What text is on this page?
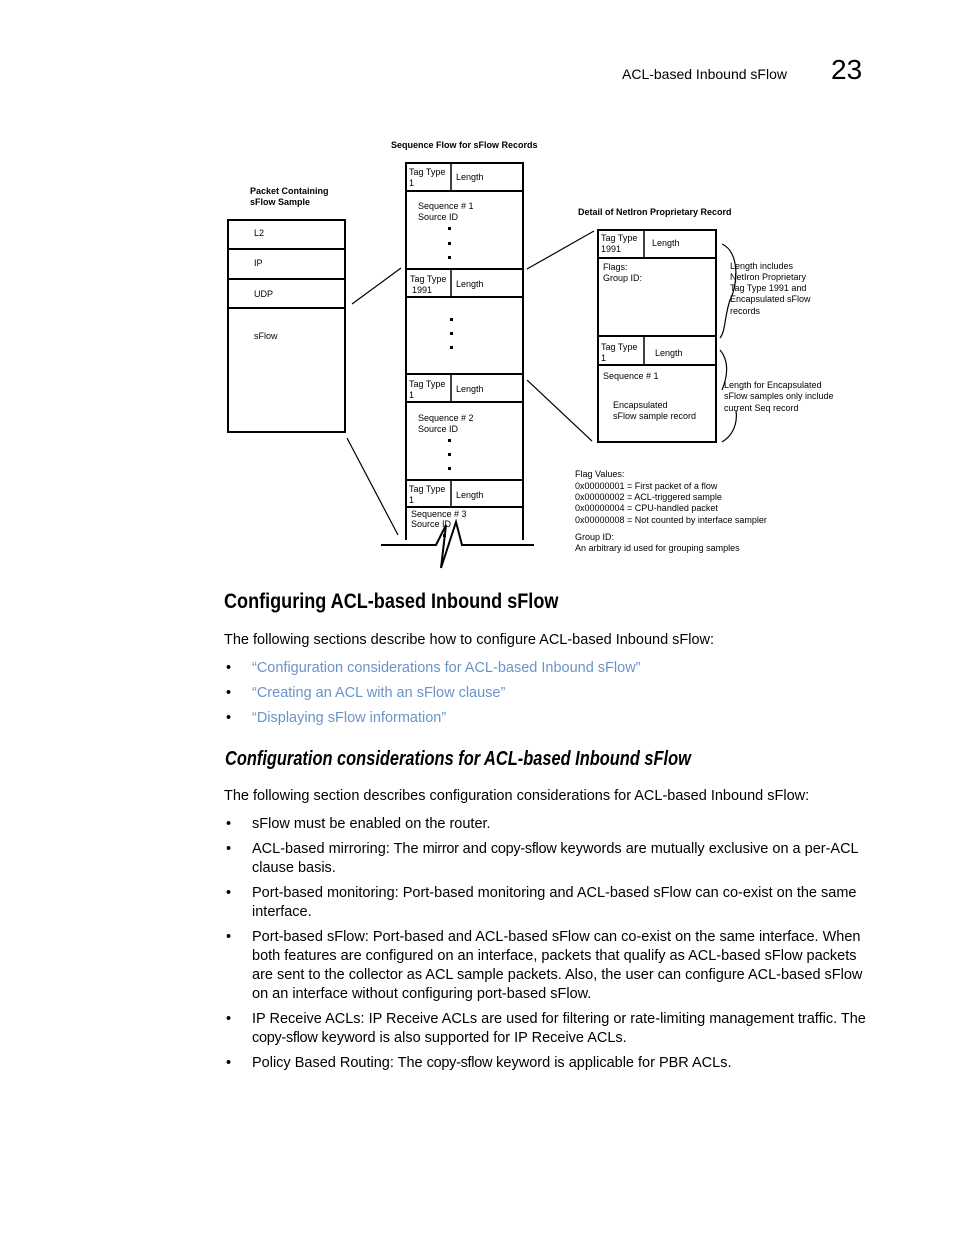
ACL-based Inbound sFlow 23
Sequence Flow for sFlow Records
Packet Containing
sFlow Sample
L2
IP
UDP
sFlow
Tag Type
1
Length
Sequence # 1
Source ID
Tag Type
1991
Length
Tag Type
1
Length
Sequence # 2
Source ID
Tag Type
1	Length
Sequence # 3
Source ID
Detail of NetIron Proprietary Record
Tag Type
1991
Length
Flags:
Group ID:
Tag Type
1	Length
Sequence # 1
Encapsulated
sFlow sample record
Length includes
NetIron Proprietary
Tag Type 1991 and
Encapsulated sFlow
records
Length for Encapsulated
sFlow samples only include
current Seq record
Flag Values:
0x00000001 = First packet of a flow
0x00000002 = ACL-triggered sample
0x00000004 = CPU-handled packet
0x00000008 = Not counted by interface sampler
Group ID:
An arbitrary id used for grouping samples
Configuring ACL-based Inbound sFlow
The following sections describe how to configure ACL-based Inbound sFlow:
• “Configuration considerations for ACL-based Inbound sFlow”
• “Creating an ACL with an sFlow clause”
• “Displaying sFlow information”
Configuration considerations for ACL-based Inbound sFlow
The following section describes configuration considerations for ACL-based Inbound sFlow:
• sFlow must be enabled on the router.
• ACL-based mirroring: The mirror and copy-sflow keywords are mutually exclusive on a per-ACL clause basis.
• Port-based monitoring: Port-based monitoring and ACL-based sFlow can co-exist on the same interface.
• Port-based sFlow: Port-based and ACL-based sFlow can co-exist on the same interface. When both features are configured on an interface, packets that qualify as ACL-based sFlow packets are sent to the collector as ACL sample packets. Also, the user can configure ACL-based sFlow on an interface without configuring port-based sFlow.
• IP Receive ACLs: IP Receive ACLs are used for filtering or rate-limiting management traffic. The copy-sflow keyword is also supported for IP Receive ACLs.
• Policy Based Routing: The copy-sflow keyword is applicable for PBR ACLs.
